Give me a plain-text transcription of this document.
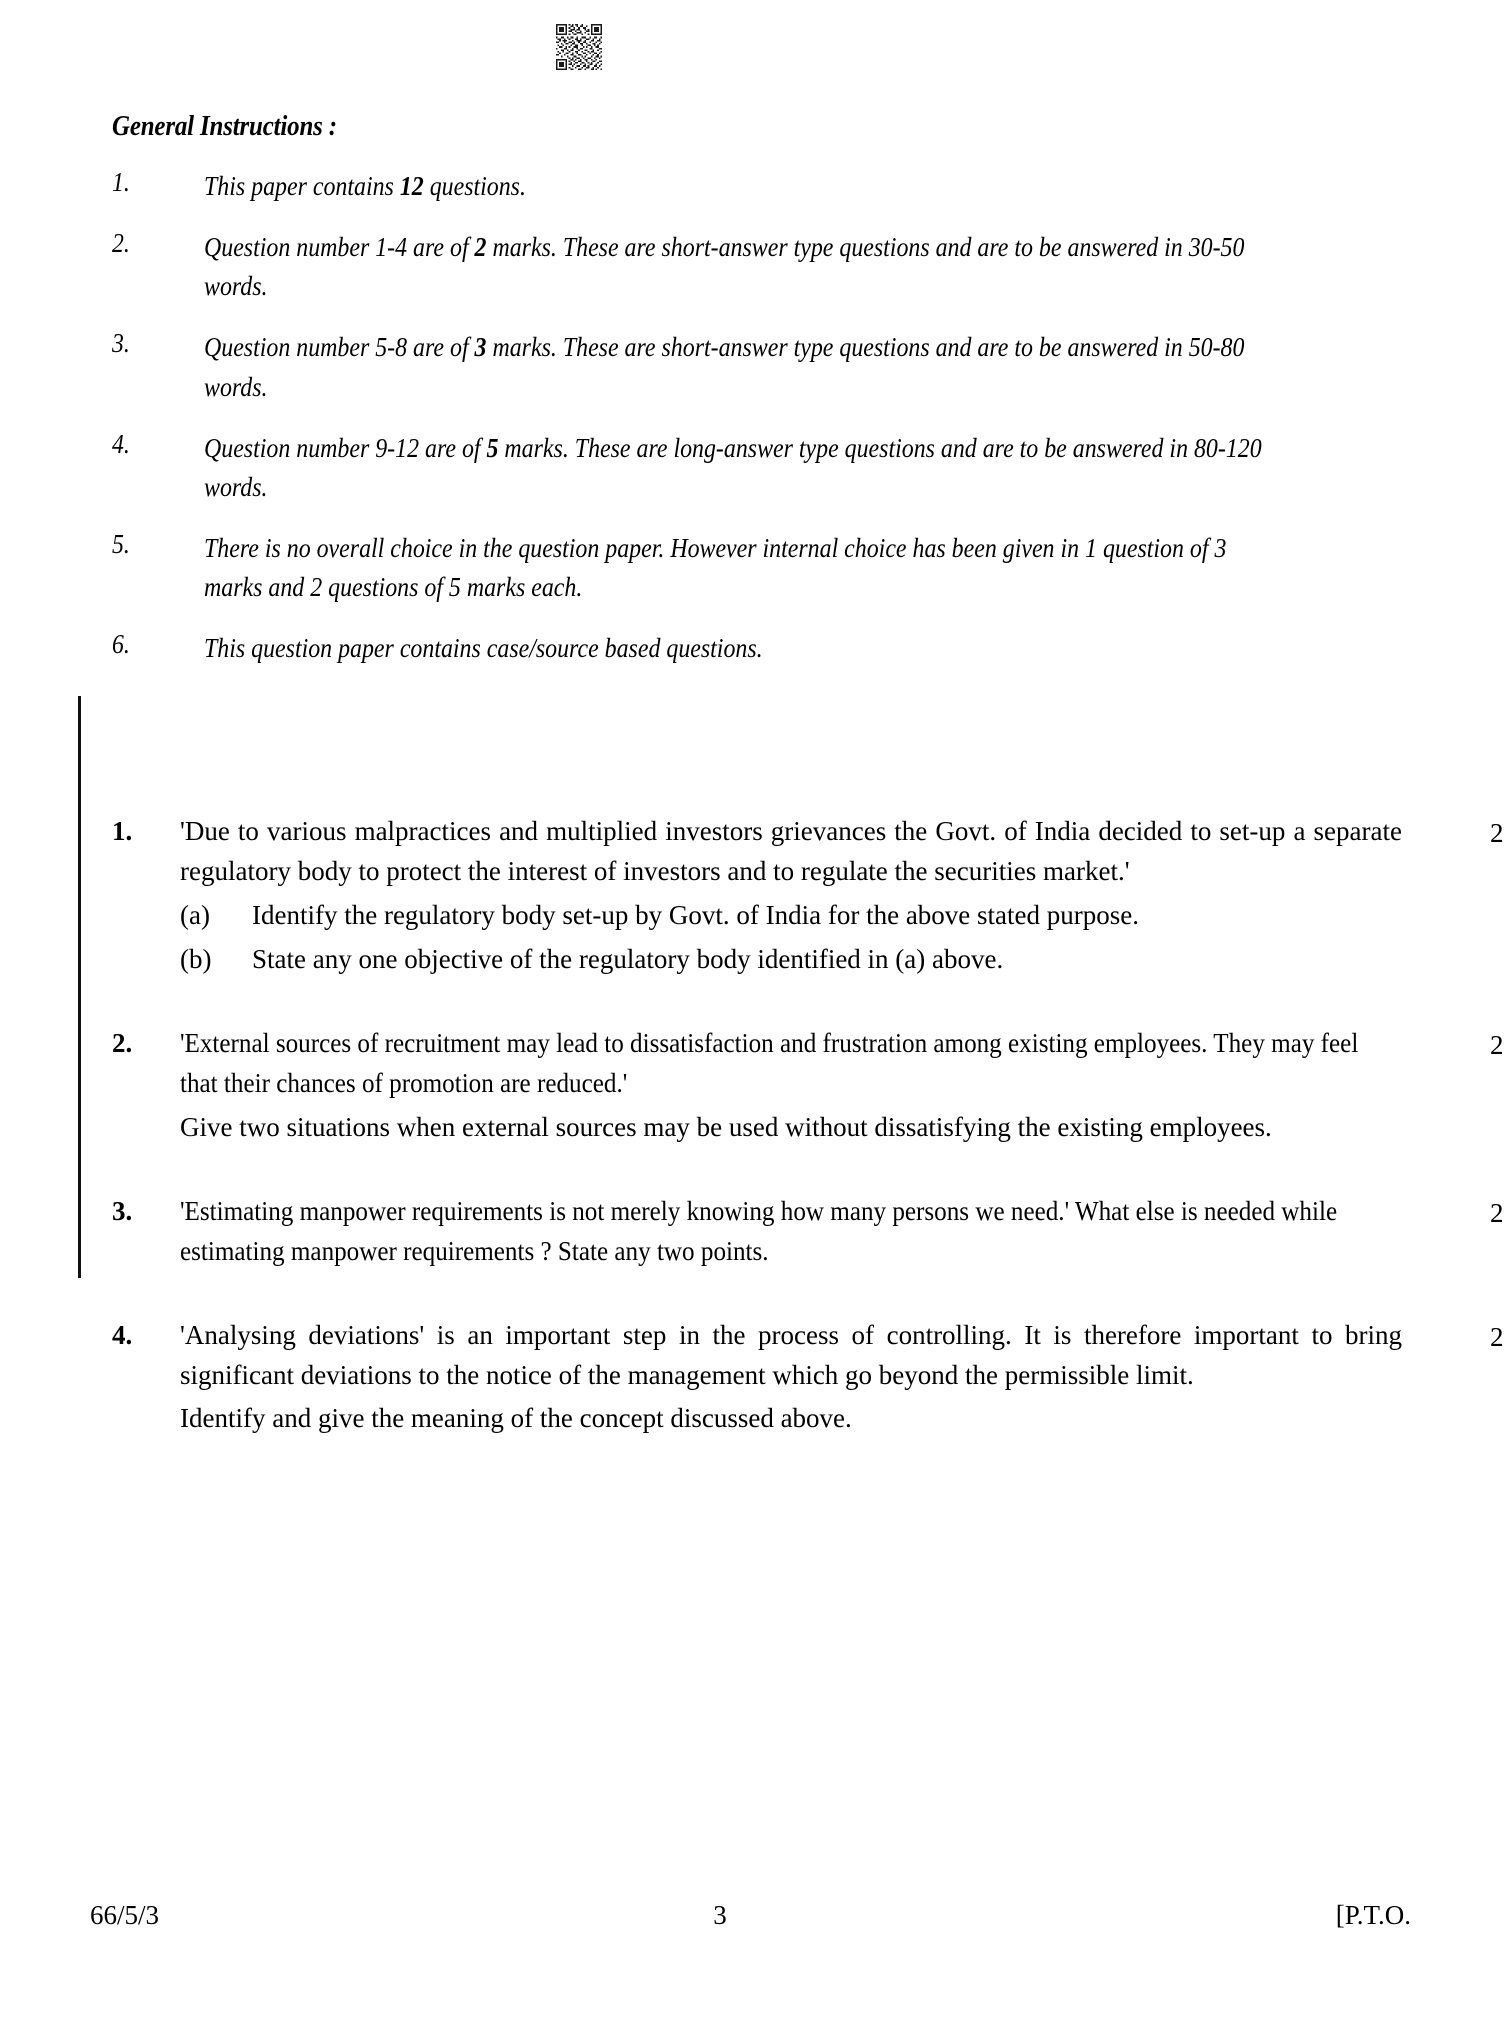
General Instructions :
1.	This paper contains 12 questions.
2.	Question number 1-4 are of 2 marks. These are short-answer type questions and are to be answered in 30-50 words.
3.	Question number 5-8 are of 3 marks. These are short-answer type questions and are to be answered in 50-80 words.
4.	Question number 9-12 are of 5 marks. These are long-answer type questions and are to be answered in 80-120 words.
5.	There is no overall choice in the question paper. However internal choice has been given in 1 question of 3 marks and 2 questions of 5 marks each.
6.	This question paper contains case/source based questions.
1.	'Due to various malpractices and multiplied investors grievances the Govt. of India decided to set-up a separate regulatory body to protect the interest of investors and to regulate the securities market.'

(a)	Identify the regulatory body set-up by Govt. of India for the above stated purpose.
(b)	State any one objective of the regulatory body identified in (a) above.
2
2.	'External sources of recruitment may lead to dissatisfaction and frustration among existing employees. They may feel that their chances of promotion are reduced.'

Give two situations when external sources may be used without dissatisfying the existing employees.

2
3.	'Estimating manpower requirements is not merely knowing how many persons we need.' What else is needed while estimating manpower requirements ? State any two points.

2
4.	'Analysing deviations' is an important step in the process of controlling. It is therefore important to bring significant deviations to the notice of the management which go beyond the permissible limit.

Identify and give the meaning of the concept discussed above.

2
66/5/3	3	[P.T.O.
